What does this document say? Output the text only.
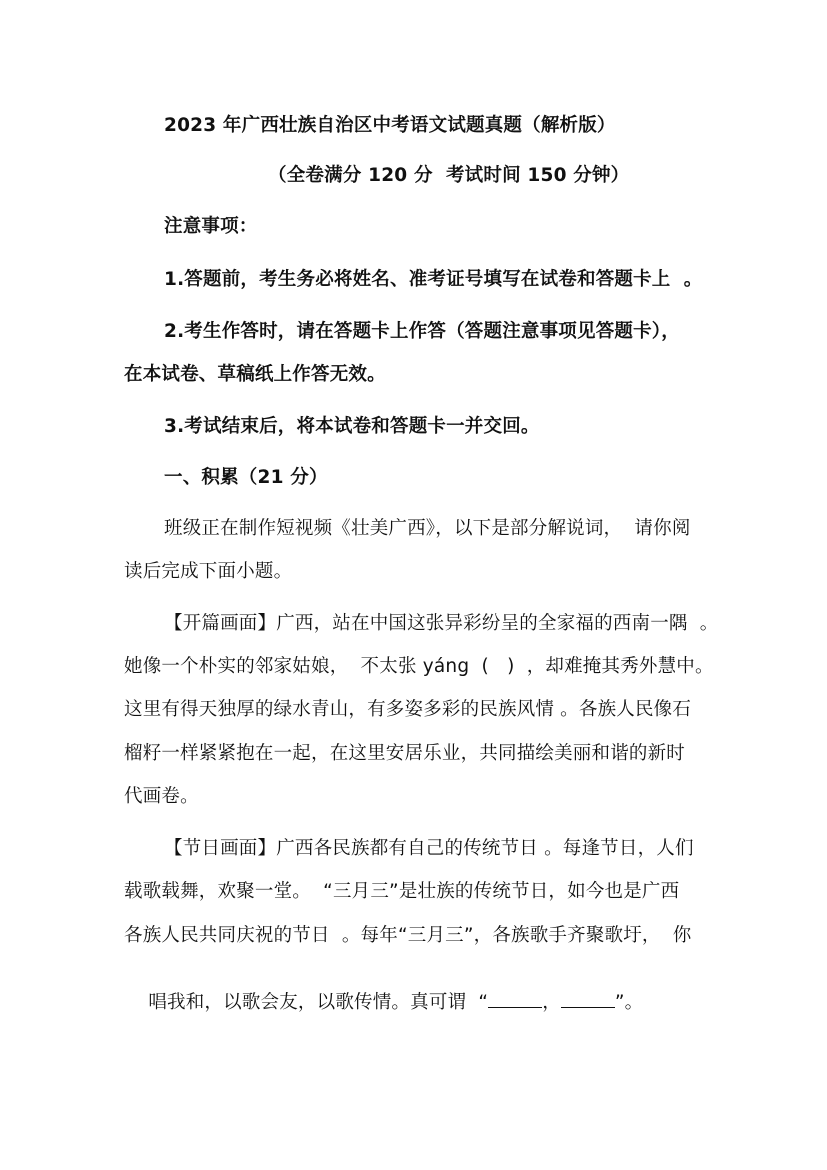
2023 年广西壮族自治区中考语文试题真题（解析版）
（全卷满分 120 分  考试时间 150 分钟）
注意事项：
1.答题前，考生务必将姓名、准考证号填写在试卷和答题卡上  。
2.考生作答时，请在答题卡上作答（答题注意事项见答题卡），
在本试卷、草稿纸上作答无效。
3.考试结束后，将本试卷和答题卡一并交回。
一、积累（21 分）
班级正在制作短视频《壮美广西》，以下是部分解说词，  请你阅
读后完成下面小题。
【开篇画面】广西，站在中国这张异彩纷呈的全家福的西南一隅  。
她像一个朴实的邻家姑娘，  不太张 yáng  (   )  ，却难掩其秀外慧中。
这里有得天独厚的绿水青山，有多姿多彩的民族风情 。各族人民像石
榴籽一样紧紧抱在一起，在这里安居乐业，共同描绘美丽和谐的新时
代画卷。
【节日画面】广西各民族都有自己的传统节日 。每逢节日，人们
载歌载舞，欢聚一堂。  “三月三”是壮族的传统节日，如今也是广西
各族人民共同庆祝的节日  。每年“三月三”，各族歌手齐聚歌圩，  你

唱我和，以歌会友，以歌传情。真可谓  “	，	”。
